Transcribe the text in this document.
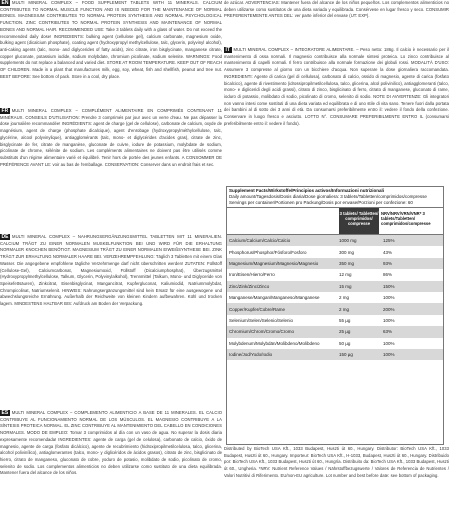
EN MULTI MINERAL COMPLEX – FOOD SUPPLEMENT TABLETS WITH 11 MINERALS. CALCIUM CONTRIBUTES TO NORMAL MUSCLE FUNCTION AND IS NEEDED FOR THE MAINTENANCE OF NORMAL BONES. MAGNESIUM CONTRIBUTES TO NORMAL PROTEIN SYNTHESIS AND NORMAL PSYCHOLOGICAL FUNCTION. ZINC CONTRIBUTES TO NORMAL PROTEIN SYNTHESIS AND MAINTENANCE OF NORMAL BONES AND NORMAL HAIR. RECOMMENDED USE: Take 3 tablets daily with a glass of water. Do not exceed the recommended daily dose! INGREDIENTS: bulking agent (cellulose gel), calcium carbonate, magnesium oxide, bulking agent (dicalcium phosphate), coating agent (hydroxypropyl methylcellulose, talc, glycerin, polyvinyl alcohol), anti-caking agents (talc, mono- and diglycerides of fatty acids), zinc citrate, iron bisglycinate, manganese citrate, copper gluconate, potassium iodide, sodium molybdate, chromium picolinate, sodium selenite. WARNINGS: Food supplements do not replace a balanced and varied diet. STORE AT ROOM TEMPERATURE. KEEP OUT OF REACH OF CHILDREN. Made in a plant that manufactures milk, egg, soy, wheat, fish and shellfish, peanut and tree nut. BEST BEFORE: See bottom of pack. Store in a cool, dry place.
FR MULTI MINERAL COMPLEX – COMPLÉMENT ALIMENTAIRE EN COMPRIMÉS CONTENANT 11 MINÉRAUX. CONSEILS D'UTILISATION: Prendre 3 comprimés par jour avec un verre d'eau. Ne pas dépasser la dose journalière recommandée! INGRÉDIENTS: agent de charge (gel de cellulose), carbonate de calcium, oxyde de magnésium, agent de charge (phosphate dicalcique), agent d'enrobage (hydroxypropylméthylcellulose, talc, glycérine, alcool polyvinylique), antiagglomérants (talc, mono- et diglycérides d'acides gras), citrate de zinc, bisglycinate de fer, citrate de manganèse, gluconate de cuivre, iodure de potassium, molybdate de sodium, picolinate de chrome, sélénite de sodium. Les compléments alimentaires ne doivent pas être utilisés comme substituts d'un régime alimentaire varié et équilibré. Tenir hors de portée des jeunes enfants. A CONSOMMER DE PRÉFÉRENCE AVANT LE: voir au bas de l'emballage. CONSERVATION: Conserver dans un endroit frais et sec.
DE MULTI MINERAL COMPLEX – NAHRUNGSERGÄNZUNGSMITTEL TABLETTEN MIT 11 MINERALIEN. CALCIUM TRÄGT ZU EINER NORMALEN MUSKELFUNKTION BEI UND WIRD FÜR DIE ERHALTUNG NORMALER KNOCHEN BENÖTIGT. MAGNESIUM TRÄGT ZU EINER NORMALEN EIWEIßSYNTHESE BEI. ZINK TRÄGT ZUR ERHALTUNG NORMALER HAARE BEI. VERZEHREMPFEHLUNG: Täglich 3 Tabletten mit einem Glas Wasser. Die angegebene empfohlene tägliche Verzehrmenge darf nicht überschritten werden! ZUTATEN: Füllstoff (Cellulose-Gel), Calciumcarbonat, Magnesiumoxid, Füllstoff (Dicalciumphosphat), Überzugsmittel (Hydroxypropylmethylcellulose, Talkum, Glycerin, Polyvinylalkohol), Trennmittel (Talkum, Mono- und Diglyceride von Speisefettsäuren), Zinkcitrat, Eisenbisglycinat, Mangancitrat, Kupfergluconat, Kaliumiodid, Natriummolybdat, Chrompicolinat, Natriumselenit. HINWEIS: Nahrungsergänzungsmittel sind kein Ersatz für eine ausgewogene und abwechslungsreiche Ernährung. Außerhalb der Reichweite von kleinen Kindern aufbewahren. Kühl und trocken lagern. MINDESTENS HALTBAR BIS: Aufdruck am Boden der Verpackung.
ES MULTI MINERAL COMPLEX – COMPLEMENTO ALIMENTICIO A BASE DE 11 MINERALES. EL CALCIO CONTRIBUYE AL FUNCIONAMIENTO NORMAL DE LOS MÚSCULOS. EL MAGNESIO CONTRIBUYE A LA SÍNTESIS PROTEICA NORMAL. EL ZINC CONTRIBUYE AL MANTENIMIENTO DEL CABELLO EN CONDICIONES NORMALES. MODO DE EMPLEO: Tomar 3 comprimidos al día con un vaso de agua. No superar la dosis diaria expresamente recomendada! INGREDIENTES: agente de carga (gel de celulosa), carbonato de calcio, óxido de magnesio, agente de carga (fosfato dicálcico), agente de recubrimiento (hidroxipropilmetilcelulosa, talco, glicerina, alcohol polivinílico), antiaglomerantes (talco, mono- y diglicéridos de ácidos grasos), citrato de zinc, bisglicinato de hierro, citrato de manganeso, gluconato de cobre, yoduro de potasio, molibdato de sodio, picolinato de cromo, selenito de sodio. Los complementos alimenticios no deben utilizarse como sustituto de una dieta equilibrada. Mantener fuera del alcance de los niños.
de azúcar. ADVERTENCIAS: Mantener fuera del alcance de los niños pequeños. Los complementos alimenticios no deben utilizarse como sustitutos de una dieta variada y equilibrada. Consérvese en lugar fresco y seco. CONSUMIR PREFERENTEMENTE ANTES DEL: ver parte inferior del envase (UT: EXP).
IT MULTI MINERAL COMPLEX – INTEGRATORE ALIMENTARE. – Peso netto: 186g. Il calcio è necessario per il mantenimento di ossa normali. Il magnesio contribuisce alla normale sintesi proteica. Lo zinco contribuisce al mantenimento di capelli normali. Il ferro contribuisce alla normale formazione dei globuli rossi. MODALITÀ D'USO: Assumere 3 compresse al giorno con un bicchiere d'acqua. Non superare la dose giornaliera raccomandata. INGREDIENTI: Agente di carica (gel di cellulosa), carbonato di calcio, ossido di magnesio, agente di carica (fosfato bicalcico), agente di rivestimento (idrossipropilmetilcellulosa, talco, glicerina, alcol polivinilico), antiagglomeranti (talco, mono- e digliceridi degli acidi grassi), citrato di zinco, bisglicinato di ferro, citrato di manganese, gluconato di rame, ioduro di potassio, molibdato di sodio, picolinato di cromo, selenito di sodio. NOTE DI AVVERTENZE: Gli integratori non vanno intesi come sostituti di una dieta variata ed equilibrata e di uno stile di vita sano. Tenere fuori dalla portata dei bambini al di sotto dei 3 anni di età. Da consumarsi preferibilmente entro il: vedere il fondo della confezione. Conservare in luogo fresco e asciutto. LOTTO N°. CONSUMARE PREFERIBILMENTE ENTRO IL (consumarsi preferibilmente entro il: vedere il fondo).
Supplement Facts/Wirkstoffe/Principios activos/Informazioni nutrizionali
Daily amount/Tagesdosis/Dosis diaria/Dose giornaliera: 3 tablets/Tabletten/comprimidos/compresse
Servings per container/Portionen pro Packung/Dosis por envase/Porzioni per confezione: 60
3 tablets/ Tabletten/ comprimidos/ compresse
NRV/NRV/VRN/VNR* 3 tablets/Tabletten/ comprimidos/compresse
Calcium/Calcium/Calcio/Calcio	1000 mg	125%
Phosphorus/Phosphor/Fósforo/Fosforo	300 mg	43%
Magnesium/Magnesium/Magnesio/Magnesio	350 mg	93%
Iron/Eisen/Hierro/Ferro	12 mg	86%
Zinc/Zink/Zinc/Zinco	15 mg	150%
Manganese/Mangan/Manganeso/Manganese	2 mg	100%
Copper/Kupfer/Cobre/Rame	2 mg	200%
Selenium/Selen/Selenio/Selenio	55 µg	100%
Chromium/Chrom/Cromo/Cromo	25 µg	63%
Molybdenum/Molybdän/Molibdeno/Molibdeno	50 µg	100%
Iodine/Jod/Yodo/Iodio	150 µg	100%
Distributed by BioTech USA Kft., 1033 Budapest, Huszti út 60., Hungary. Distributor: BioTech USA Kft., 1033 Budapest, Huszti út 60., Hungary. Importeur: BioTech USA Kft., H-1033, Budapest, Huszti út 60., Hungary. Distribuido por: BioTech USA Kft., 1033 Budapest, Huszti út 60., Hungría. Distribuito da: BioTech USA Kft., 1033 Budapest, Huszti út 60., Ungheria. *NRV: Nutrient Reference Values / Nährstoffbezugswerte / Valores de Referencia de Nutrientes / Valori Nutritivi di Riferimento. EU/non-EU agriculture. Lot number and best before date: see bottom of packaging.
